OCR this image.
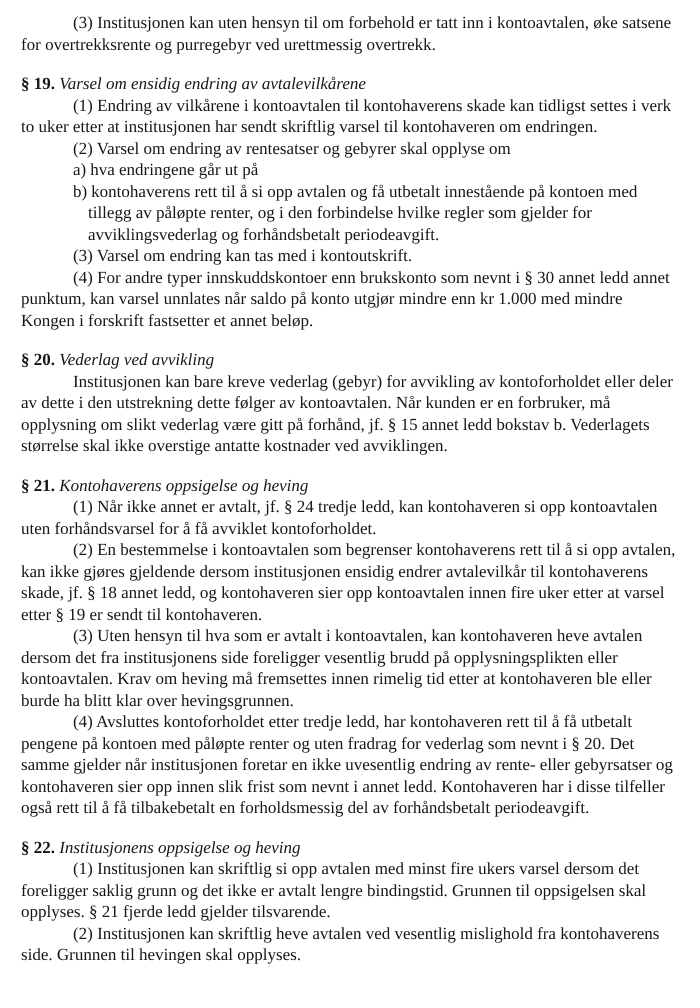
(3) Institusjonen kan uten hensyn til om forbehold er tatt inn i kontoavtalen, øke satsene for overtrekksrente og purregebyr ved urettmessig overtrekk.

§ 19. Varsel om ensidig endring av avtalevilkårene

(1) Endring av vilkårene i kontoavtalen til kontohaverens skade kan tidligst settes i verk to uker etter at institusjonen har sendt skriftlig varsel til kontohaveren om endringen.

(2) Varsel om endring av rentesatser og gebyrer skal opplyse om

a) hva endringene går ut på

b) kontohaverens rett til å si opp avtalen og få utbetalt innestående på kontoen med tillegg av påløpte renter, og i den forbindelse hvilke regler som gjelder for avviklingsvederlag og forhåndsbetalt periodeavgift.

(3) Varsel om endring kan tas med i kontoutskrift.

(4) For andre typer innskuddskontoer enn brukskonto som nevnt i § 30 annet ledd annet punktum, kan varsel unnlates når saldo på konto utgjør mindre enn kr 1.000 med mindre Kongen i forskrift fastsetter et annet beløp.

§ 20. Vederlag ved avvikling

Institusjonen kan bare kreve vederlag (gebyr) for avvikling av kontoforholdet eller deler av dette i den utstrekning dette følger av kontoavtalen. Når kunden er en forbruker, må opplysning om slikt vederlag være gitt på forhånd, jf. § 15 annet ledd bokstav b. Vederlagets størrelse skal ikke overstige antatte kostnader ved avviklingen.

§ 21. Kontohaverens oppsigelse og heving

(1) Når ikke annet er avtalt, jf. § 24 tredje ledd, kan kontohaveren si opp kontoavtalen uten forhåndsvarsel for å få avviklet kontoforholdet.

(2) En bestemmelse i kontoavtalen som begrenser kontohaverens rett til å si opp avtalen, kan ikke gjøres gjeldende dersom institusjonen ensidig endrer avtalevilkår til kontohaverens skade, jf. § 18 annet ledd, og kontohaveren sier opp kontoavtalen innen fire uker etter at varsel etter § 19 er sendt til kontohaveren.

(3) Uten hensyn til hva som er avtalt i kontoavtalen, kan kontohaveren heve avtalen dersom det fra institusjonens side foreligger vesentlig brudd på opplysningsplikten eller kontoavtalen. Krav om heving må fremsettes innen rimelig tid etter at kontohaveren ble eller burde ha blitt klar over hevingsgrunnen.

(4) Avsluttes kontoforholdet etter tredje ledd, har kontohaveren rett til å få utbetalt pengene på kontoen med påløpte renter og uten fradrag for vederlag som nevnt i § 20. Det samme gjelder når institusjonen foretar en ikke uvesentlig endring av rente- eller gebyrsatser og kontohaveren sier opp innen slik frist som nevnt i annet ledd. Kontohaveren har i disse tilfeller også rett til å få tilbakebetalt en forholdsmessig del av forhåndsbetalt periodeavgift.

§ 22. Institusjonens oppsigelse og heving

(1) Institusjonen kan skriftlig si opp avtalen med minst fire ukers varsel dersom det foreligger saklig grunn og det ikke er avtalt lengre bindingstid. Grunnen til oppsigelsen skal opplyses. § 21 fjerde ledd gjelder tilsvarende.

(2) Institusjonen kan skriftlig heve avtalen ved vesentlig mislighold fra kontohaverens side. Grunnen til hevingen skal opplyses.
